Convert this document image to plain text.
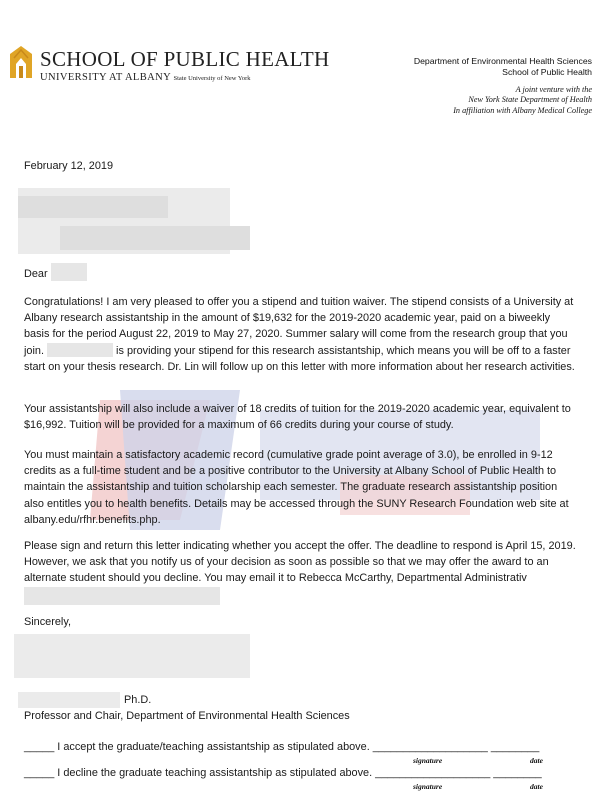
SCHOOL OF PUBLIC HEALTH
UNIVERSITY AT ALBANY State University of New York
Department of Environmental Health Sciences
School of Public Health
A joint venture with the
New York State Department of Health
In affiliation with Albany Medical College
February 12, 2019
Dear
Congratulations! I am very pleased to offer you a stipend and tuition waiver. The stipend consists of a University at Albany research assistantship in the amount of $19,632 for the 2019-2020 academic year, paid on a biweekly basis for the period August 22, 2019 to May 27, 2020. Summer salary will come from the research group that you join.	is providing your stipend for this research assistantship, which means you will be off to a faster start on your thesis research. Dr. Lin will follow up on this letter with more information about her research activities.
Your assistantship will also include a waiver of 18 credits of tuition for the 2019-2020 academic year, equivalent to $16,992. Tuition will be provided for a maximum of 66 credits during your course of study.
You must maintain a satisfactory academic record (cumulative grade point average of 3.0), be enrolled in 9-12 credits as a full-time student and be a positive contributor to the University at Albany School of Public Health to maintain the assistantship and tuition scholarship each semester. The graduate research assistantship position also entitles you to health benefits. Details may be accessed through the SUNY Research Foundation web site at albany.edu/rfhr.benefits.php.
Please sign and return this letter indicating whether you accept the offer. The deadline to respond is April 15, 2019. However, we ask that you notify us of your decision as soon as possible so that we may offer the award to an alternate student should you decline. You may email it to Rebecca McCarthy, Departmental Administrativ
Sincerely,
Ph.D.
Professor and Chair, Department of Environmental Health Sciences
_____ I accept the graduate/teaching assistantship as stipulated above. ___________________ ________
signature	date
_____ I decline the graduate teaching assistantship as stipulated above. ___________________ ________
signature	date
